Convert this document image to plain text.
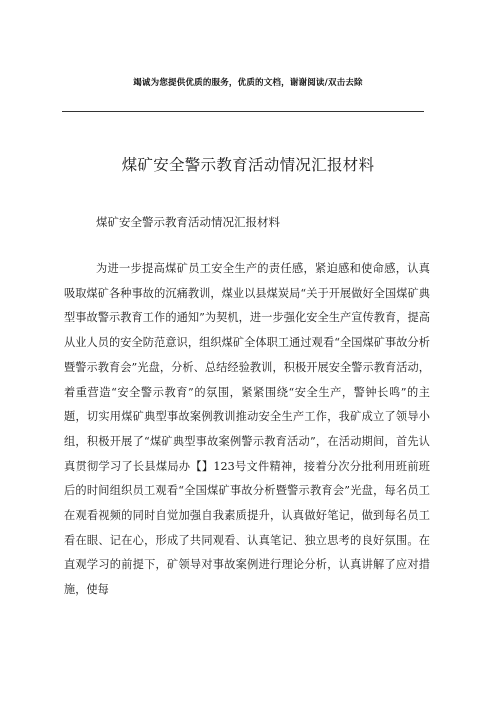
竭诚为您提供优质的服务，优质的文档，谢谢阅读/双击去除
煤矿安全警示教育活动情况汇报材料
煤矿安全警示教育活动情况汇报材料

为进一步提高煤矿员工安全生产的责任感，紧迫感和使命感，认真吸取煤矿各种事故的沉痛教训，煤业以县煤炭局“关于开展做好全国煤矿典型事故警示教育工作的通知”为契机，进一步强化安全生产宣传教育，提高从业人员的安全防范意识，组织煤矿全体职工通过观看“全国煤矿事故分析暨警示教育会”光盘，分析、总结经验教训，积极开展安全警示教育活动，着重营造“安全警示教育”的氛围，紧紧围绕“安全生产，警钟长鸣”的主题，切实用煤矿典型事故案例教训推动安全生产工作，我矿成立了领导小组，积极开展了“煤矿典型事故案例警示教育活动”，在活动期间，首先认真贯彻学习了长县煤局办【】123号文件精神，接着分次分批利用班前班后的时间组织员工观看“全国煤矿事故分析暨警示教育会”光盘，每名员工在观看视频的同时自觉加强自我素质提升，认真做好笔记，做到每名员工看在眼、记在心，形成了共同观看、认真笔记、独立思考的良好氛围。在直观学习的前提下，矿领导对事故案例进行理论分析，认真讲解了应对措施，使每
